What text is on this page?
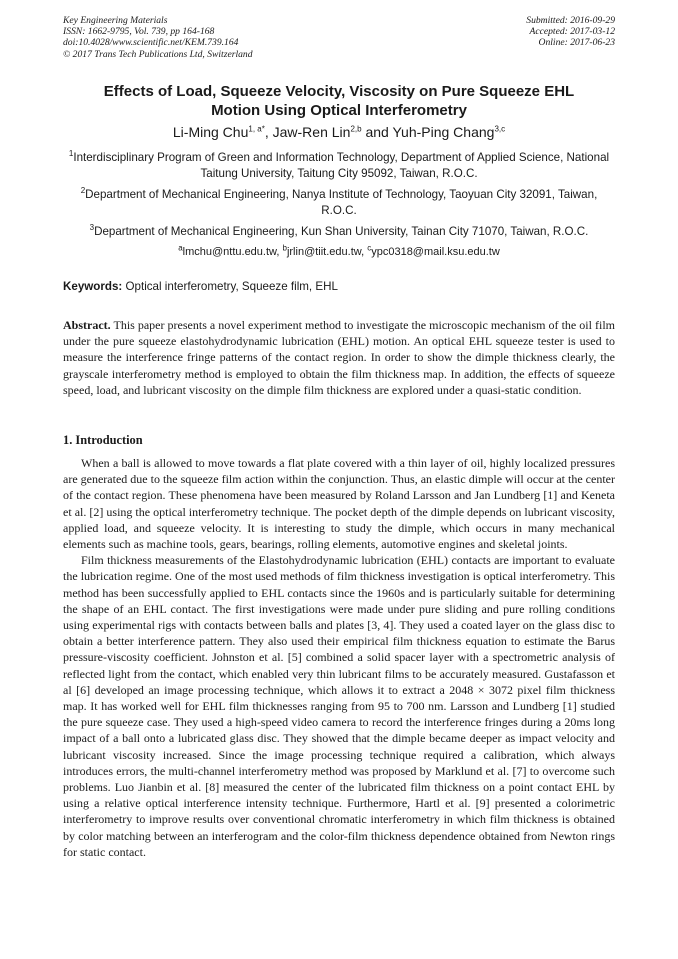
Key Engineering Materials
ISSN: 1662-9795, Vol. 739, pp 164-168
doi:10.4028/www.scientific.net/KEM.739.164
© 2017 Trans Tech Publications Ltd, Switzerland
Submitted: 2016-09-29
Accepted: 2017-03-12
Online: 2017-06-23
Effects of Load, Squeeze Velocity, Viscosity on Pure Squeeze EHL
Motion Using Optical Interferometry
Li-Ming Chu$^{1, a*}$, Jaw-Ren Lin$^{2,b}$ and Yuh-Ping Chang$^{3,c}$
$^1$Interdisciplinary Program of Green and Information Technology, Department of Applied Science, National Taitung University, Taitung City 95092, Taiwan, R.O.C.
$^2$Department of Mechanical Engineering, Nanya Institute of Technology, Taoyuan City 32091, Taiwan, R.O.C.
$^3$Department of Mechanical Engineering, Kun Shan University, Tainan City 71070, Taiwan, R.O.C.
$^a$lmchu@nttu.edu.tw, $^b$jrlin@tiit.edu.tw, $^c$ypc0318@mail.ksu.edu.tw
Keywords: Optical interferometry, Squeeze film, EHL
Abstract. This paper presents a novel experiment method to investigate the microscopic mechanism of the oil film under the pure squeeze elastohydrodynamic lubrication (EHL) motion. An optical EHL squeeze tester is used to measure the interference fringe patterns of the contact region. In order to show the dimple thickness clearly, the grayscale interferometry method is employed to obtain the film thickness map. In addition, the effects of squeeze speed, load, and lubricant viscosity on the dimple film thickness are explored under a quasi-static condition.
1. Introduction

When a ball is allowed to move towards a flat plate covered with a thin layer of oil, highly localized pressures are generated due to the squeeze film action within the conjunction. Thus, an elastic dimple will occur at the center of the contact region. These phenomena have been measured by Roland Larsson and Jan Lundberg [1] and Keneta et al. [2] using the optical interferometry technique. The pocket depth of the dimple depends on lubricant viscosity, applied load, and squeeze velocity. It is interesting to study the dimple, which occurs in many mechanical elements such as machine tools, gears, bearings, rolling elements, automotive engines and skeletal joints.

Film thickness measurements of the Elastohydrodynamic lubrication (EHL) contacts are important to evaluate the lubrication regime. One of the most used methods of film thickness investigation is optical interferometry. This method has been successfully applied to EHL contacts since the 1960s and is particularly suitable for determining the shape of an EHL contact. The first investigations were made under pure sliding and pure rolling conditions using experimental rigs with contacts between balls and plates [3, 4]. They used a coated layer on the glass disc to obtain a better interference pattern. They also used their empirical film thickness equation to estimate the Barus pressure-viscosity coefficient. Johnston et al. [5] combined a solid spacer layer with a spectrometric analysis of reflected light from the contact, which enabled very thin lubricant films to be accurately measured. Gustafasson et al [6] developed an image processing technique, which allows it to extract a 2048 × 3072 pixel film thickness map. It has worked well for EHL film thicknesses ranging from 95 to 700 nm. Larsson and Lundberg [1] studied the pure squeeze case. They used a high-speed video camera to record the interference fringes during a 20ms long impact of a ball onto a lubricated glass disc. They showed that the dimple became deeper as impact velocity and lubricant viscosity increased. Since the image processing technique required a calibration, which always introduces errors, the multi-channel interferometry method was proposed by Marklund et al. [7] to overcome such problems. Luo Jianbin et al. [8] measured the center of the lubricated film thickness on a point contact EHL by using a relative optical interference intensity technique. Furthermore, Hartl et al. [9] presented a colorimetric interferometry to improve results over conventional chromatic interferometry in which film thickness is obtained by color matching between an interferogram and the color-film thickness dependence obtained from Newton rings for static contact.
